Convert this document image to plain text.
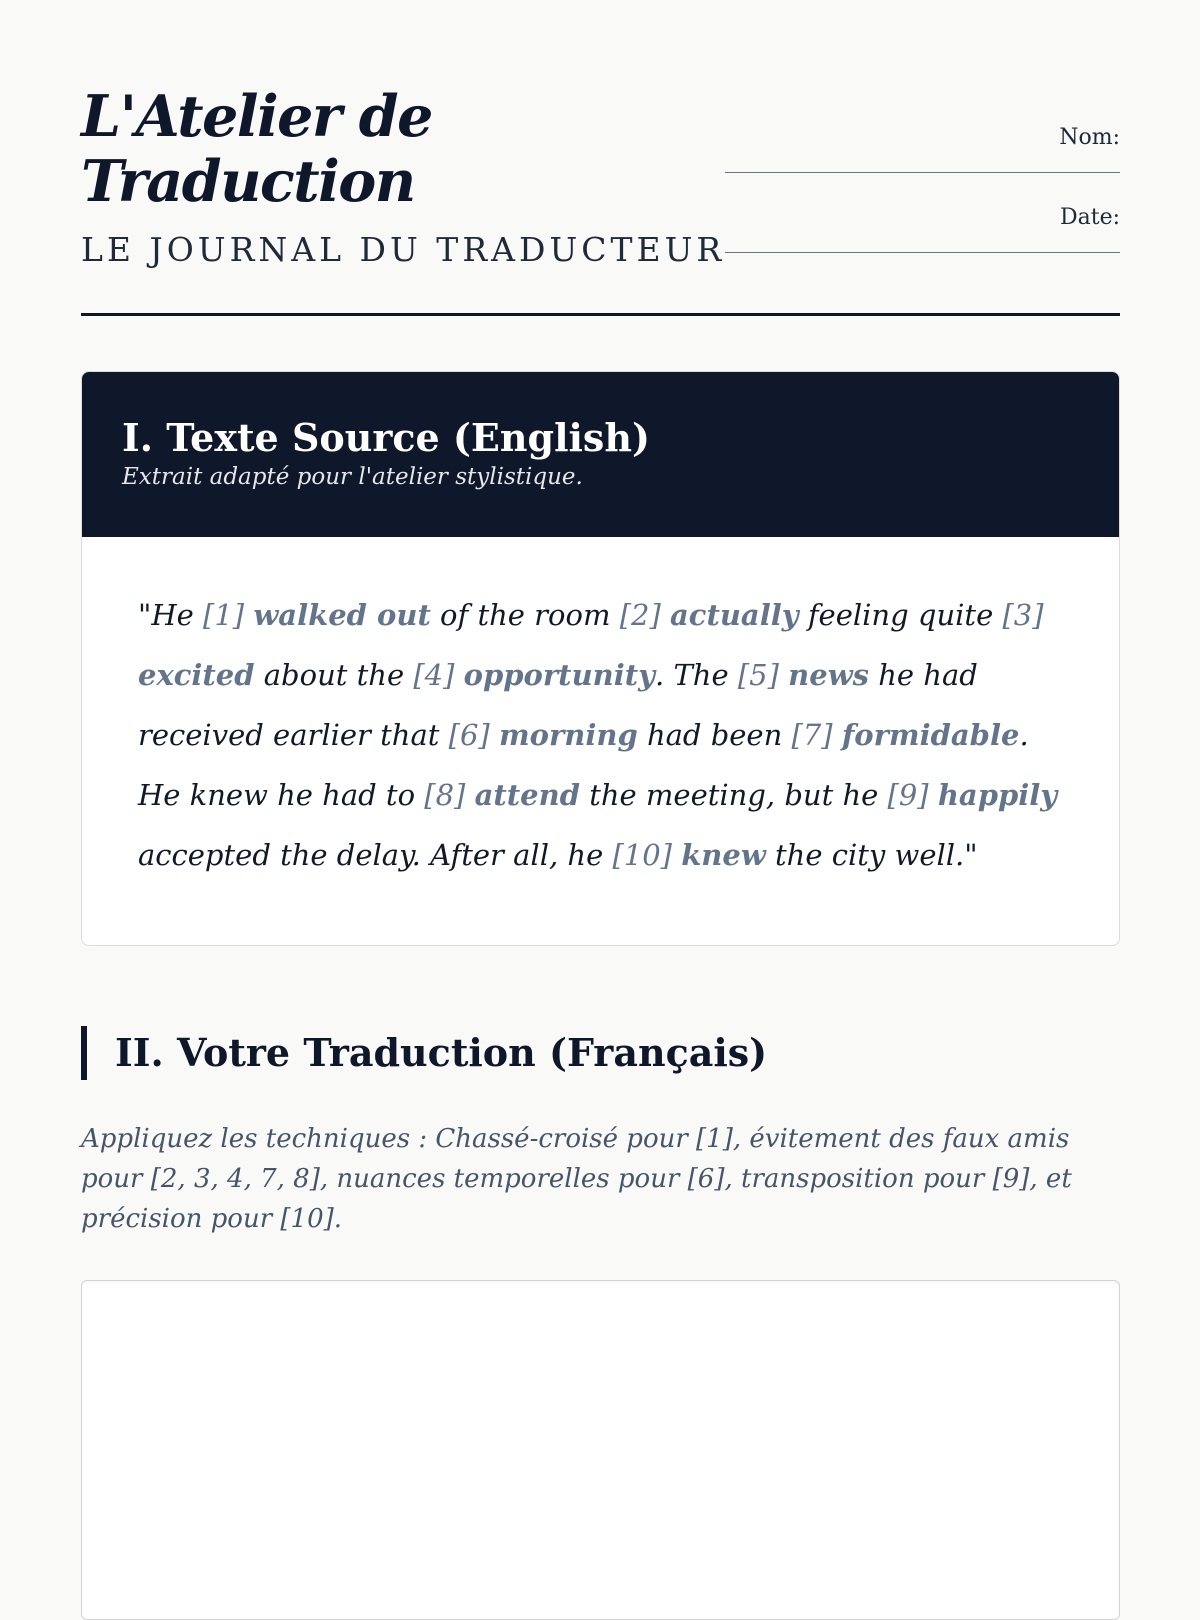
L'Atelier de
Traduction
LE JOURNAL DU TRADUCTEUR
Nom:
Date:
I. Texte Source (English)
Extrait adapté pour l'atelier stylistique.
"He [1] walked out of the room [2] actually feeling quite [3] excited about the [4] opportunity. The [5] news he had received earlier that [6] morning had been [7] formidable. He knew he had to [8] attend the meeting, but he [9] happily accepted the delay. After all, he [10] knew the city well."
II. Votre Traduction (Français)

Appliquez les techniques : Chassé-croisé pour [1], évitement des faux amis pour [2, 3, 4, 7, 8], nuances temporelles pour [6], transposition pour [9], et précision pour [10].
